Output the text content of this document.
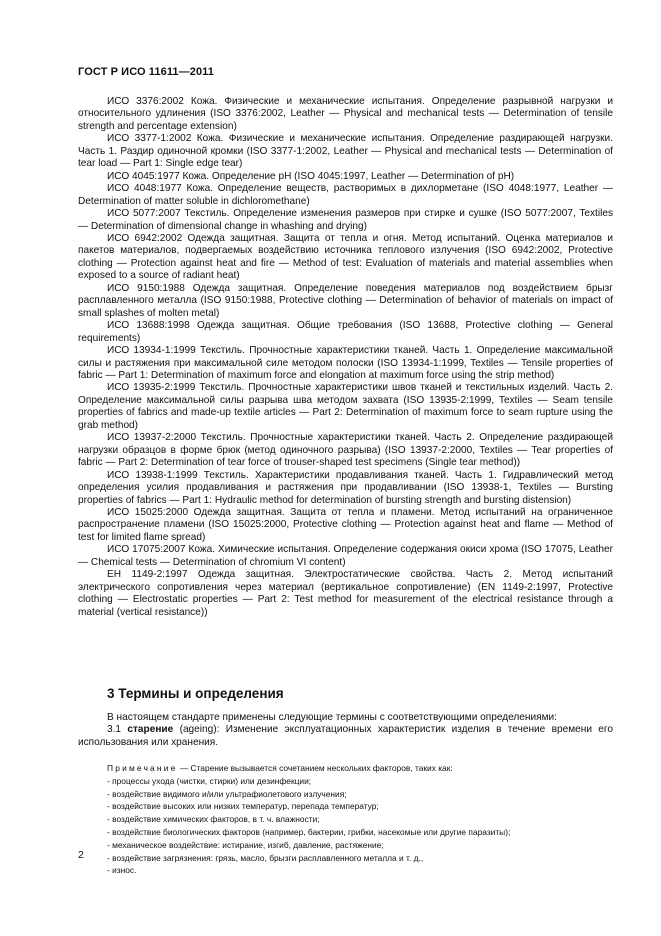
ГОСТ Р ИСО 11611—2011

ИСО 3376:2002 Кожа. Физические и механические испытания. Определение разрывной нагрузки и относительного удлинения (ISO 3376:2002, Leather — Physical and mechanical tests — Determination of tensile strength and percentage extension)

ИСО 3377-1:2002 Кожа. Физические и механические испытания. Определение раздирающей нагрузки. Часть 1. Раздир одиночной кромки (ISO 3377-1:2002, Leather — Physical and mechanical tests — Determination of tear load — Part 1: Single edge tear)

ИСО 4045:1977 Кожа. Определение pH (ISO 4045:1997, Leather — Determination of pH)

ИСО 4048:1977 Кожа. Определение веществ, растворимых в дихлорметане (ISO 4048:1977, Leather — Determination of matter soluble in dichloromethane)

ИСО 5077:2007 Текстиль. Определение изменения размеров при стирке и сушке (ISO 5077:2007, Textiles — Determination of dimensional change in whashing and drying)

ИСО 6942:2002 Одежда защитная. Защита от тепла и огня. Метод испытаний. Оценка материалов и пакетов материалов, подвергаемых воздействию источника теплового излучения (ISO 6942:2002, Protective clothing — Protection against heat and fire — Method of test: Evaluation of materials and material assemblies when exposed to a source of radiant heat)

ИСО 9150:1988 Одежда защитная. Определение поведения материалов под воздействием брызг расплавленного металла (ISO 9150:1988, Protective clothing — Determination of behavior of materials on impact of small splashes of molten metal)

ИСО 13688:1998 Одежда защитная. Общие требования (ISO 13688, Protective clothing — General requirements)

ИСО 13934-1:1999 Текстиль. Прочностные характеристики тканей. Часть 1. Определение максимальной силы и растяжения при максимальной силе методом полоски (ISO 13934-1:1999, Textiles — Tensile properties of fabric — Part 1: Determination of maximum force and elongation at maximum force using the strip method)

ИСО 13935-2:1999 Текстиль. Прочностные характеристики швов тканей и текстильных изделий. Часть 2. Определение максимальной силы разрыва шва методом захвата (ISO 13935-2:1999, Textiles — Seam tensile properties of fabrics and made-up textile articles — Part 2: Determination of maximum force to seam rupture using the grab method)

ИСО 13937-2:2000 Текстиль. Прочностные характеристики тканей. Часть 2. Определение раздирающей нагрузки образцов в форме брюк (метод одиночного разрыва) (ISO 13937-2:2000, Textiles — Tear properties of fabric — Part 2: Determination of tear force of trouser-shaped test specimens (Single tear method))

ИСО 13938-1:1999 Текстиль. Характеристики продавливания тканей. Часть 1. Гидравлический метод определения усилия продавливания и растяжения при продавливании (ISO 13938-1, Textiles — Bursting properties of fabrics — Part 1: Hydraulic method for determination of bursting strength and bursting distension)

ИСО 15025:2000 Одежда защитная. Защита от тепла и пламени. Метод испытаний на ограниченное распространение пламени (ISO 15025:2000, Protective clothing — Protection against heat and flame — Method of test for limited flame spread)

ИСО 17075:2007 Кожа. Химические испытания. Определение содержания окиси хрома (ISO 17075, Leather — Chemical tests — Determination of chromium VI content)

ЕН 1149-2:1997 Одежда защитная. Электростатические свойства. Часть 2. Метод испытаний электрического сопротивления через материал (вертикальное сопротивление) (EN 1149-2:1997, Protective clothing — Electrostatic properties — Part 2: Test method for measurement of the electrical resistance through a material (vertical resistance))

3 Термины и определения

В настоящем стандарте применены следующие термины с соответствующими определениями:

3.1 старение (ageing): Изменение эксплуатационных характеристик изделия в течение времени его использования или хранения.

Примечание — Старение вызывается сочетанием нескольких факторов, таких как:
- процессы ухода (чистки, стирки) или дезинфекции;
- воздействие видимого и/или ультрафиолетового излучения;
- воздействие высоких или низких температур, перепада температур;
- воздействие химических факторов, в т. ч. влажности;
- воздействие биологических факторов (например, бактерии, грибки, насекомые или другие паразиты);
- механическое воздействие: истирание, изгиб, давление, растяжение;
- воздействие загрязнения: грязь, масло, брызги расплавленного металла и т. д.,
- износ.
2
